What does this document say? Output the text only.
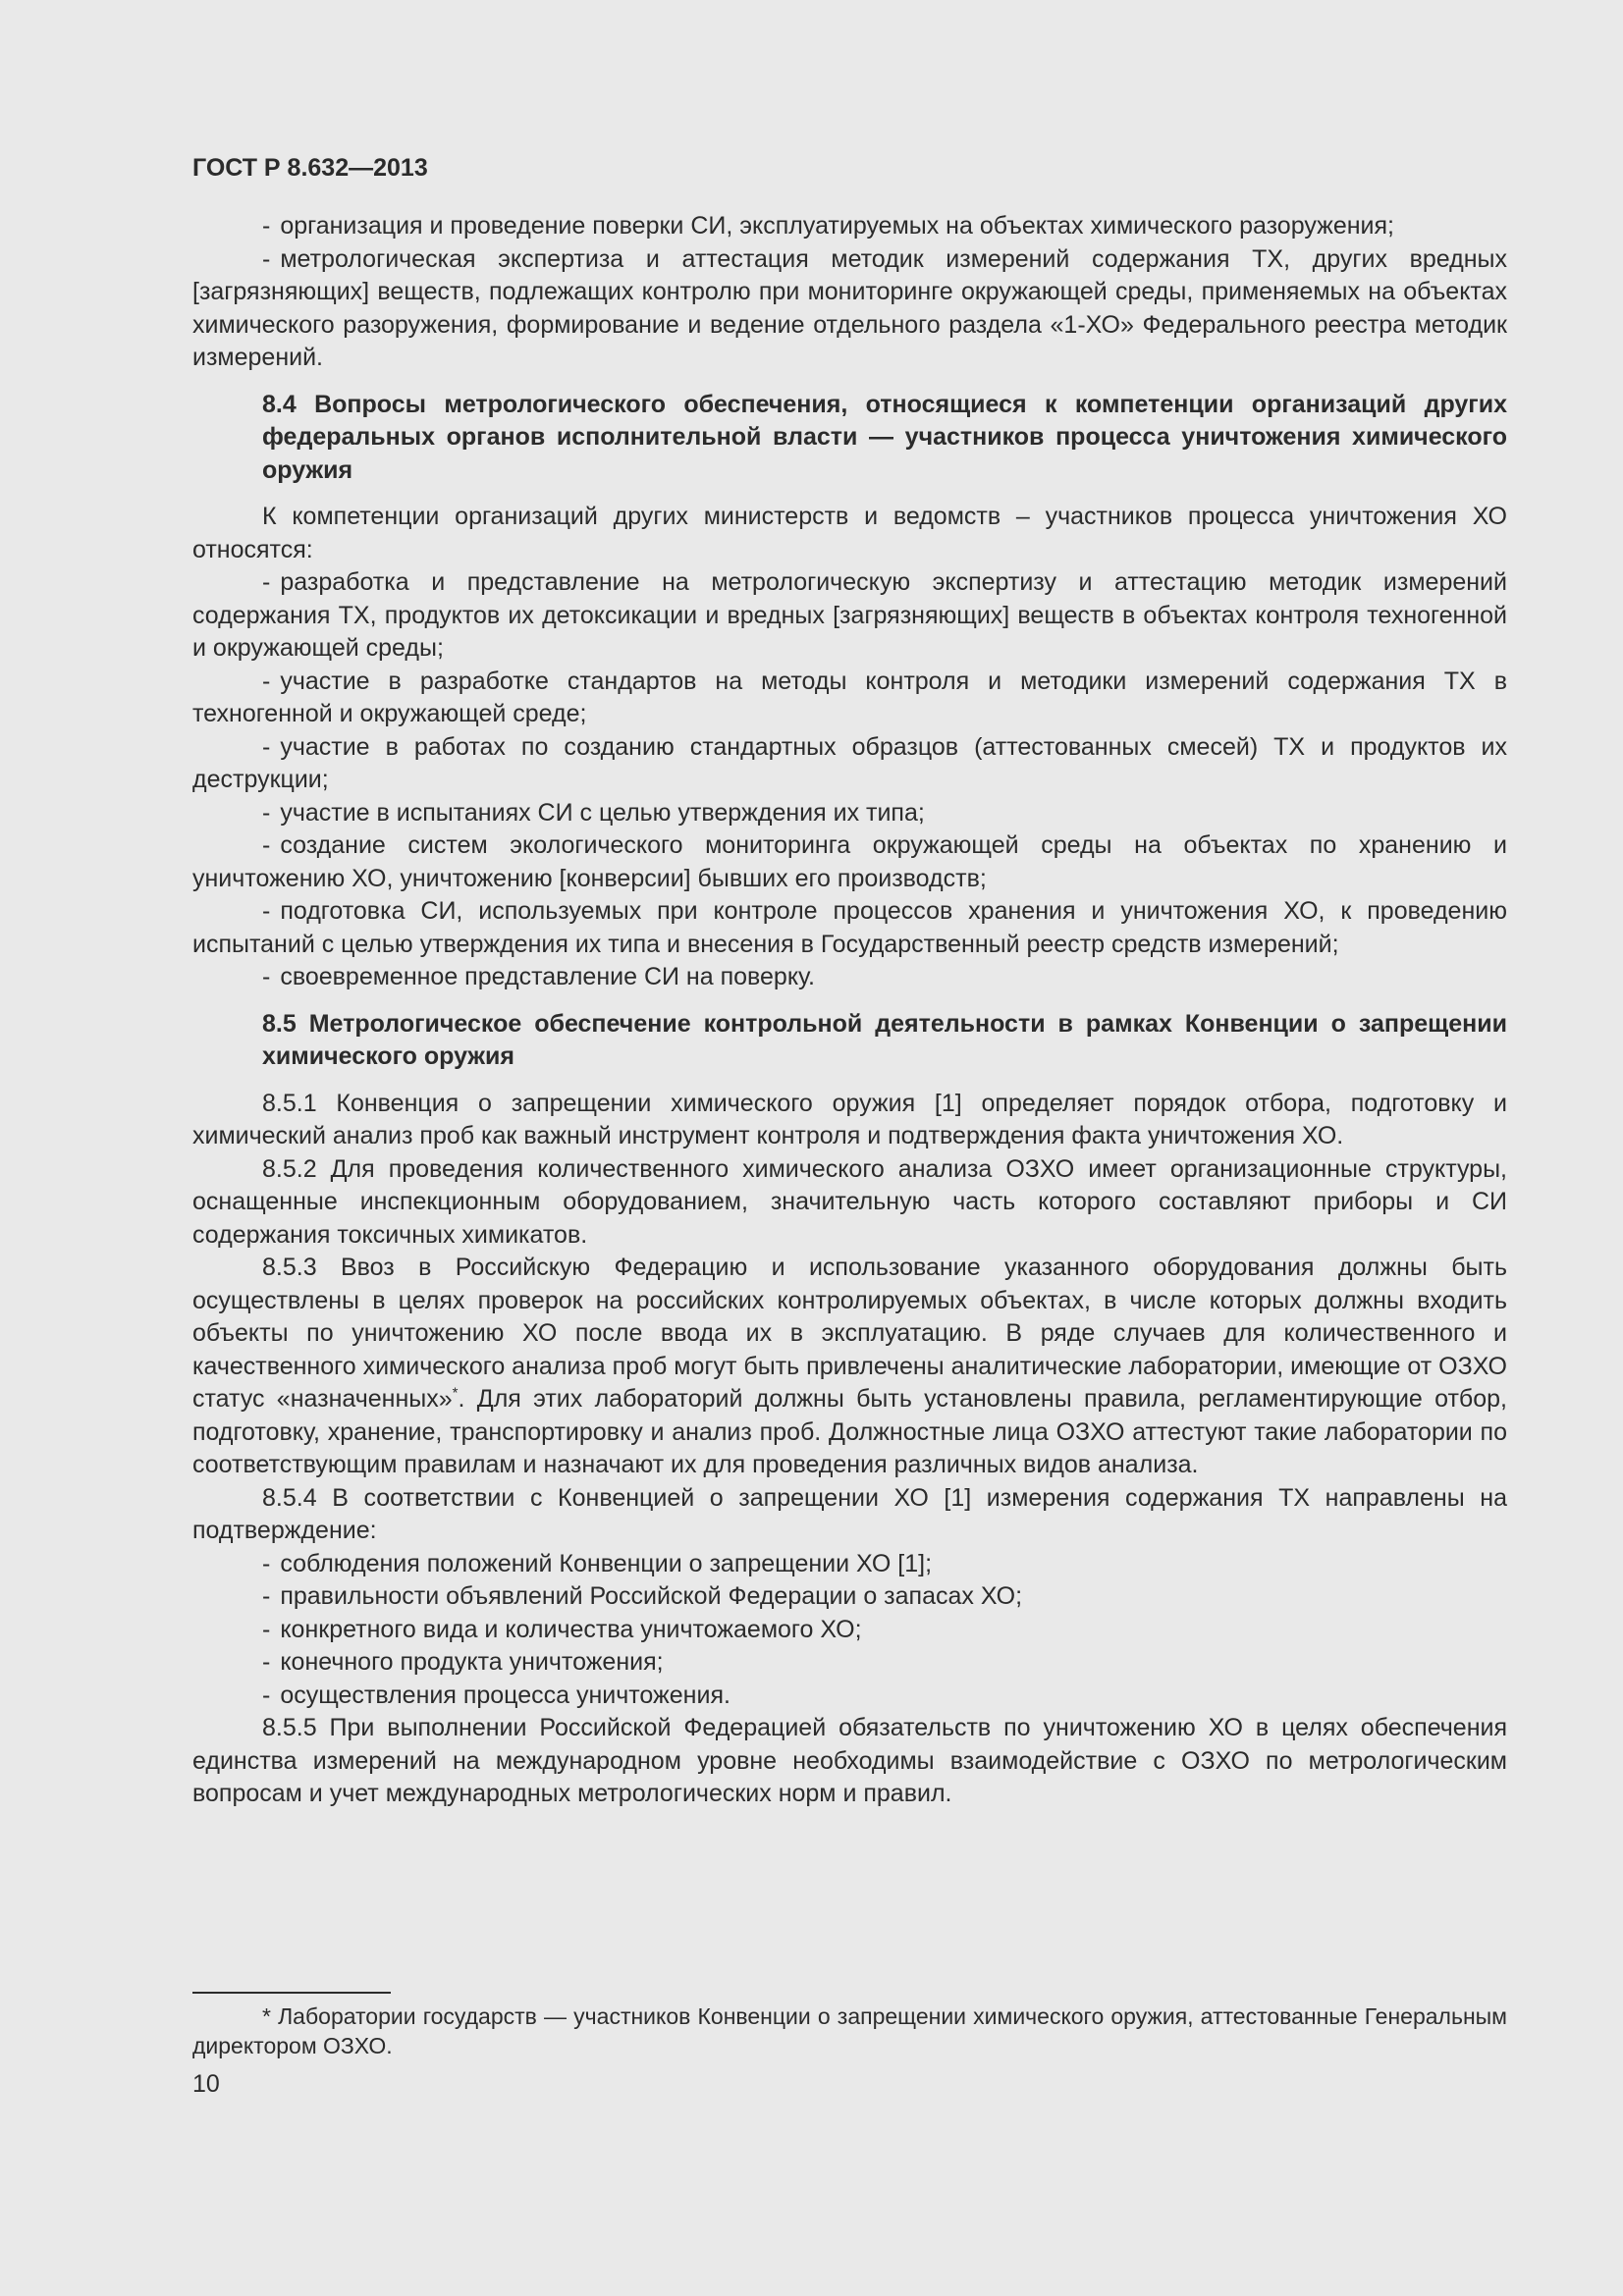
ГОСТ Р 8.632—2013

- организация и проведение поверки СИ, эксплуатируемых на объектах химического разоружения;

- метрологическая экспертиза и аттестация методик измерений содержания ТХ, других вредных [загрязняющих] веществ, подлежащих контролю при мониторинге окружающей среды, применяемых на объектах химического разоружения, формирование и ведение отдельного раздела «1-ХО» Федерального реестра методик измерений.

8.4 Вопросы метрологического обеспечения, относящиеся к компетенции организаций других федеральных органов исполнительной власти — участников процесса уничтожения химического оружия

К компетенции организаций других министерств и ведомств – участников процесса уничтожения ХО относятся:

- разработка и представление на метрологическую экспертизу и аттестацию методик измерений содержания ТХ, продуктов их детоксикации и вредных [загрязняющих] веществ в объектах контроля техногенной и окружающей среды;

- участие в разработке стандартов на методы контроля и методики измерений содержания ТХ в техногенной и окружающей среде;

- участие в работах по созданию стандартных образцов (аттестованных смесей) ТХ и продуктов их деструкции;

- участие в испытаниях СИ с целью утверждения их типа;

- создание систем экологического мониторинга окружающей среды на объектах по хранению и уничтожению ХО, уничтожению [конверсии] бывших его производств;

- подготовка СИ, используемых при контроле процессов хранения и уничтожения ХО, к проведению испытаний с целью утверждения их типа и внесения в Государственный реестр средств измерений;

- своевременное представление СИ на поверку.

8.5 Метрологическое обеспечение контрольной деятельности в рамках Конвенции о запрещении химического оружия

8.5.1 Конвенция о запрещении химического оружия [1] определяет порядок отбора, подготовку и химический анализ проб как важный инструмент контроля и подтверждения факта уничтожения ХО.

8.5.2 Для проведения количественного химического анализа ОЗХО имеет организационные структуры, оснащенные инспекционным оборудованием, значительную часть которого составляют приборы и СИ содержания токсичных химикатов.

8.5.3 Ввоз в Российскую Федерацию и использование указанного оборудования должны быть осуществлены в целях проверок на российских контролируемых объектах, в числе которых должны входить объекты по уничтожению ХО после ввода их в эксплуатацию. В ряде случаев для количественного и качественного химического анализа проб могут быть привлечены аналитические лаборатории, имеющие от ОЗХО статус «назначенных»*. Для этих лабораторий должны быть установлены правила, регламентирующие отбор, подготовку, хранение, транспортировку и анализ проб. Должностные лица ОЗХО аттестуют такие лаборатории по соответствующим правилам и назначают их для проведения различных видов анализа.

8.5.4 В соответствии с Конвенцией о запрещении ХО [1] измерения содержания ТХ направлены на подтверждение:

- соблюдения положений Конвенции о запрещении ХО [1];

- правильности объявлений Российской Федерации о запасах ХО;

- конкретного вида и количества уничтожаемого ХО;

- конечного продукта уничтожения;

- осуществления процесса уничтожения.

8.5.5 При выполнении Российской Федерацией обязательств по уничтожению ХО в целях обеспечения единства измерений на международном уровне необходимы взаимодействие с ОЗХО по метрологическим вопросам и учет международных метрологических норм и правил.

* Лаборатории государств — участников Конвенции о запрещении химического оружия, аттестованные Генеральным директором ОЗХО.
10
